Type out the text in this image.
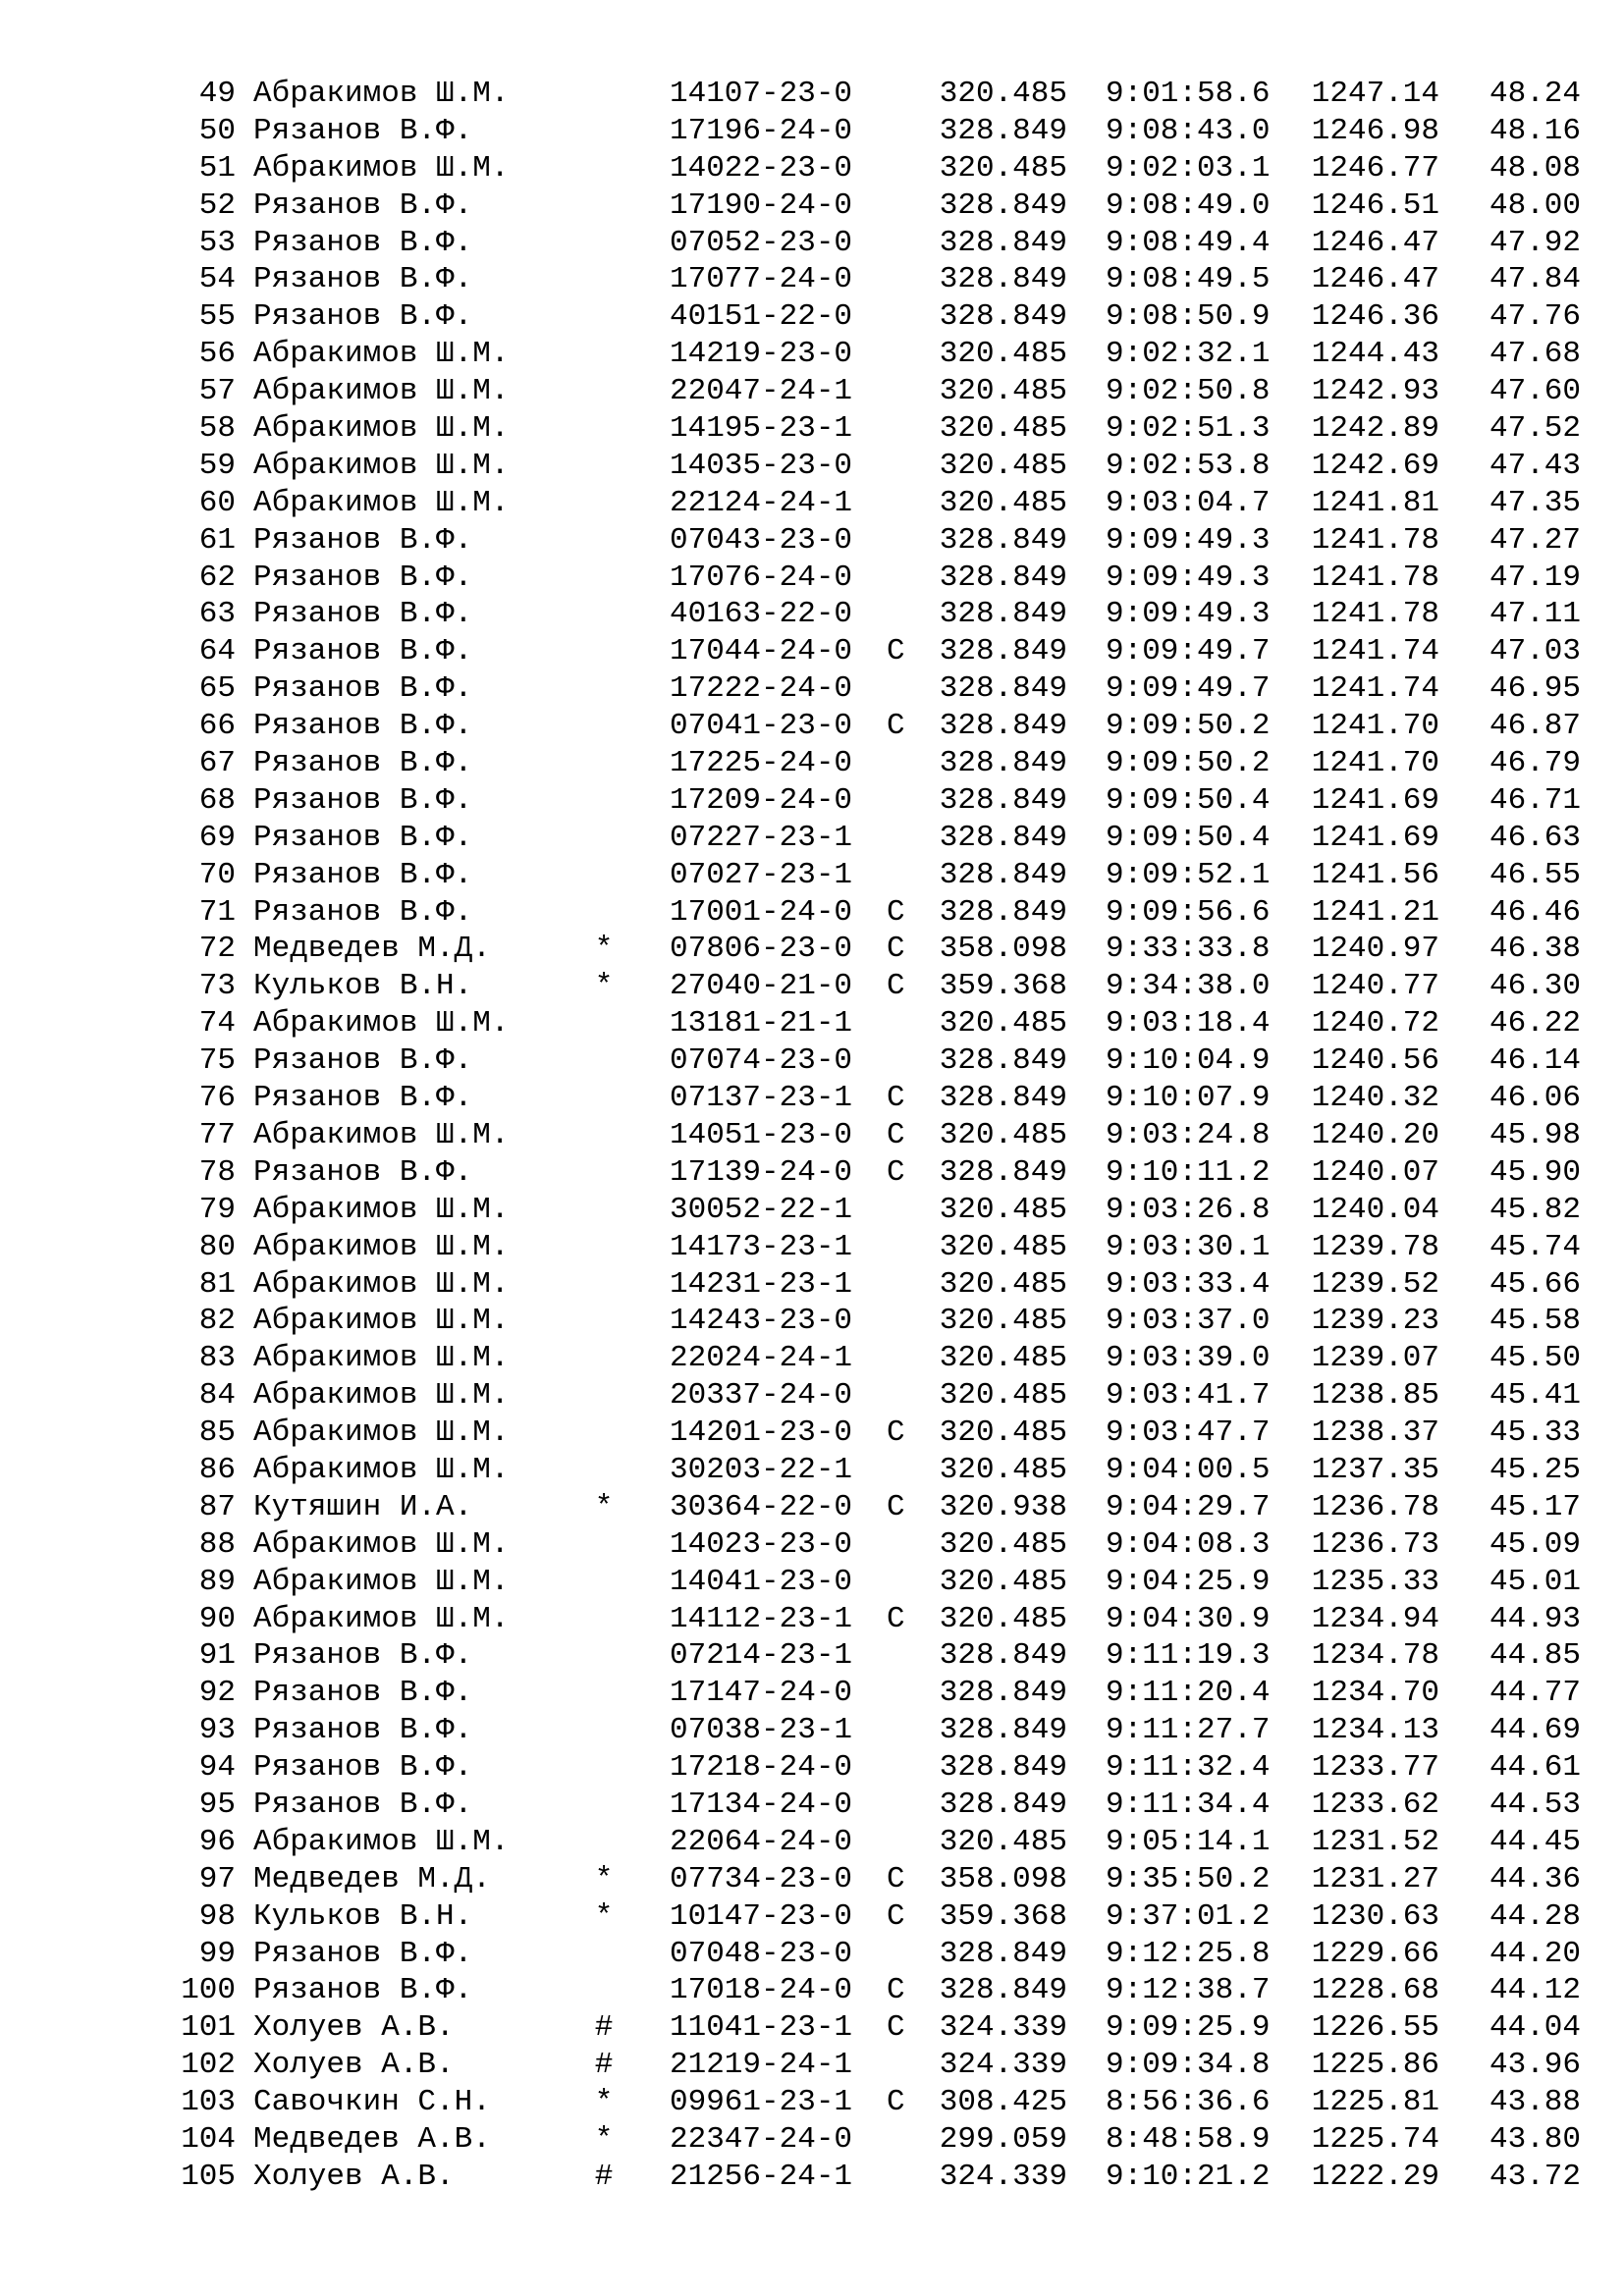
49 Абракимов Ш.М.	14107-23-0	320.485 9:01:58.6	1247.14	48.24
50 Рязанов В.Ф.	17196-24-0	328.849 9:08:43.0	1246.98	48.16
51 Абракимов Ш.М.	14022-23-0	320.485 9:02:03.1	1246.77	48.08
52 Рязанов В.Ф.	17190-24-0	328.849 9:08:49.0	1246.51	48.00
53 Рязанов В.Ф.	07052-23-0	328.849 9:08:49.4	1246.47	47.92
54 Рязанов В.Ф.	17077-24-0	328.849 9:08:49.5	1246.47	47.84
55 Рязанов В.Ф.	40151-22-0	328.849 9:08:50.9	1246.36	47.76
56 Абракимов Ш.М.	14219-23-0	320.485 9:02:32.1	1244.43	47.68
57 Абракимов Ш.М.	22047-24-1	320.485 9:02:50.8	1242.93	47.60
58 Абракимов Ш.М.	14195-23-1	320.485 9:02:51.3	1242.89	47.52
59 Абракимов Ш.М.	14035-23-0	320.485 9:02:53.8	1242.69	47.43
60 Абракимов Ш.М.	22124-24-1	320.485 9:03:04.7	1241.81	47.35
61 Рязанов В.Ф.	07043-23-0	328.849 9:09:49.3	1241.78	47.27
62 Рязанов В.Ф.	17076-24-0	328.849 9:09:49.3	1241.78	47.19
63 Рязанов В.Ф.	40163-22-0	328.849 9:09:49.3	1241.78	47.11
64 Рязанов В.Ф.	17044-24-0 С	328.849 9:09:49.7	1241.74	47.03
65 Рязанов В.Ф.	17222-24-0	328.849 9:09:49.7	1241.74	46.95
66 Рязанов В.Ф.	07041-23-0 С	328.849 9:09:50.2	1241.70	46.87
67 Рязанов В.Ф.	17225-24-0	328.849 9:09:50.2	1241.70	46.79
68 Рязанов В.Ф.	17209-24-0	328.849 9:09:50.4	1241.69	46.71
69 Рязанов В.Ф.	07227-23-1	328.849 9:09:50.4	1241.69	46.63
70 Рязанов В.Ф.	07027-23-1	328.849 9:09:52.1	1241.56	46.55
71 Рязанов В.Ф.	17001-24-0 С	328.849 9:09:56.6	1241.21	46.46
72 Медведев М.Д.	* 07806-23-0 С	358.098 9:33:33.8	1240.97	46.38
73 Кульков В.Н.	* 27040-21-0 С	359.368 9:34:38.0	1240.77	46.30
74 Абракимов Ш.М.	13181-21-1	320.485 9:03:18.4	1240.72	46.22
75 Рязанов В.Ф.	07074-23-0	328.849 9:10:04.9	1240.56	46.14
76 Рязанов В.Ф.	07137-23-1 С	328.849 9:10:07.9	1240.32	46.06
77 Абракимов Ш.М.	14051-23-0 С	320.485 9:03:24.8	1240.20	45.98
78 Рязанов В.Ф.	17139-24-0 С	328.849 9:10:11.2	1240.07	45.90
79 Абракимов Ш.М.	30052-22-1	320.485 9:03:26.8	1240.04	45.82
80 Абракимов Ш.М.	14173-23-1	320.485 9:03:30.1	1239.78	45.74
81 Абракимов Ш.М.	14231-23-1	320.485 9:03:33.4	1239.52	45.66
82 Абракимов Ш.М.	14243-23-0	320.485 9:03:37.0	1239.23	45.58
83 Абракимов Ш.М.	22024-24-1	320.485 9:03:39.0	1239.07	45.50
84 Абракимов Ш.М.	20337-24-0	320.485 9:03:41.7	1238.85	45.41
85 Абракимов Ш.М.	14201-23-0 С	320.485 9:03:47.7	1238.37	45.33
86 Абракимов Ш.М.	30203-22-1	320.485 9:04:00.5	1237.35	45.25
87 Кутяшин И.А.	* 30364-22-0 С	320.938 9:04:29.7	1236.78	45.17
88 Абракимов Ш.М.	14023-23-0	320.485 9:04:08.3	1236.73	45.09
89 Абракимов Ш.М.	14041-23-0	320.485 9:04:25.9	1235.33	45.01
90 Абракимов Ш.М.	14112-23-1 С	320.485 9:04:30.9	1234.94	44.93
91 Рязанов В.Ф.	07214-23-1	328.849 9:11:19.3	1234.78	44.85
92 Рязанов В.Ф.	17147-24-0	328.849 9:11:20.4	1234.70	44.77
93 Рязанов В.Ф.	07038-23-1	328.849 9:11:27.7	1234.13	44.69
94 Рязанов В.Ф.	17218-24-0	328.849 9:11:32.4	1233.77	44.61
95 Рязанов В.Ф.	17134-24-0	328.849 9:11:34.4	1233.62	44.53
96 Абракимов Ш.М.	22064-24-0	320.485 9:05:14.1	1231.52	44.45
97 Медведев М.Д.	* 07734-23-0 С	358.098 9:35:50.2	1231.27	44.36
98 Кульков В.Н.	* 10147-23-0 С	359.368 9:37:01.2	1230.63	44.28
99 Рязанов В.Ф.	07048-23-0	328.849 9:12:25.8	1229.66	44.20
100 Рязанов В.Ф.	17018-24-0 С	328.849 9:12:38.7	1228.68	44.12
101 Холуев А.В.	# 11041-23-1 С	324.339 9:09:25.9	1226.55	44.04
102 Холуев А.В.	# 21219-24-1	324.339 9:09:34.8	1225.86	43.96
103 Савочкин С.Н.	* 09961-23-1 С	308.425 8:56:36.6	1225.81	43.88
104 Медведев А.В.	* 22347-24-0	299.059 8:48:58.9	1225.74	43.80
105 Холуев А.В.	# 21256-24-1	324.339 9:10:21.2	1222.29	43.72
